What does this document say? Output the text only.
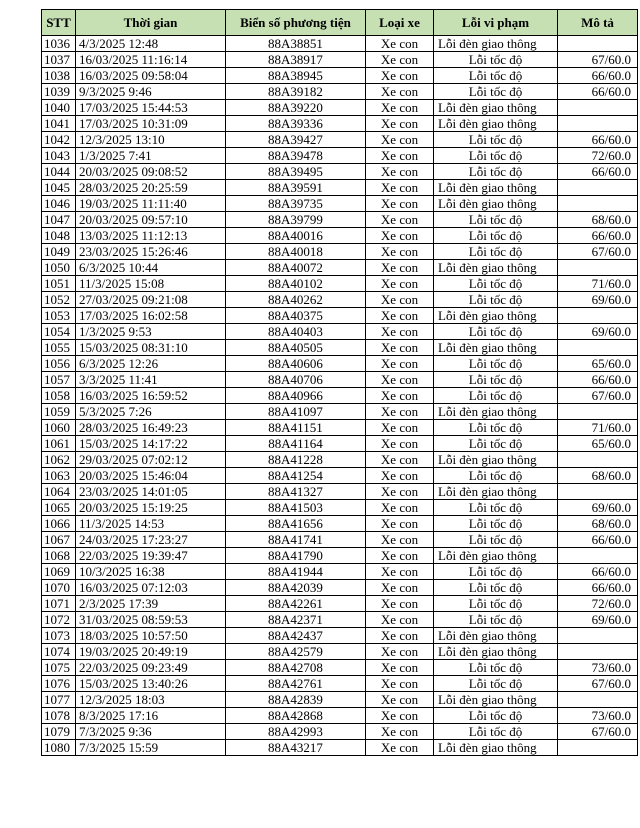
STT	Thời gian	Biển số phương tiện	Loại xe	Lỗi vi phạm	Mô tả
1036	4/3/2025 12:48	88A38851	Xe con	Lỗi đèn giao thông	
1037	16/03/2025 11:16:14	88A38917	Xe con	Lỗi tốc độ	67/60.0
1038	16/03/2025 09:58:04	88A38945	Xe con	Lỗi tốc độ	66/60.0
1039	9/3/2025 9:46	88A39182	Xe con	Lỗi tốc độ	66/60.0
1040	17/03/2025 15:44:53	88A39220	Xe con	Lỗi đèn giao thông	
1041	17/03/2025 10:31:09	88A39336	Xe con	Lỗi đèn giao thông	
1042	12/3/2025 13:10	88A39427	Xe con	Lỗi tốc độ	66/60.0
1043	1/3/2025 7:41	88A39478	Xe con	Lỗi tốc độ	72/60.0
1044	20/03/2025 09:08:52	88A39495	Xe con	Lỗi tốc độ	66/60.0
1045	28/03/2025 20:25:59	88A39591	Xe con	Lỗi đèn giao thông	
1046	19/03/2025 11:11:40	88A39735	Xe con	Lỗi đèn giao thông	
1047	20/03/2025 09:57:10	88A39799	Xe con	Lỗi tốc độ	68/60.0
1048	13/03/2025 11:12:13	88A40016	Xe con	Lỗi tốc độ	66/60.0
1049	23/03/2025 15:26:46	88A40018	Xe con	Lỗi tốc độ	67/60.0
1050	6/3/2025 10:44	88A40072	Xe con	Lỗi đèn giao thông	
1051	11/3/2025 15:08	88A40102	Xe con	Lỗi tốc độ	71/60.0
1052	27/03/2025 09:21:08	88A40262	Xe con	Lỗi tốc độ	69/60.0
1053	17/03/2025 16:02:58	88A40375	Xe con	Lỗi đèn giao thông	
1054	1/3/2025 9:53	88A40403	Xe con	Lỗi tốc độ	69/60.0
1055	15/03/2025 08:31:10	88A40505	Xe con	Lỗi đèn giao thông	
1056	6/3/2025 12:26	88A40606	Xe con	Lỗi tốc độ	65/60.0
1057	3/3/2025 11:41	88A40706	Xe con	Lỗi tốc độ	66/60.0
1058	16/03/2025 16:59:52	88A40966	Xe con	Lỗi tốc độ	67/60.0
1059	5/3/2025 7:26	88A41097	Xe con	Lỗi đèn giao thông	
1060	28/03/2025 16:49:23	88A41151	Xe con	Lỗi tốc độ	71/60.0
1061	15/03/2025 14:17:22	88A41164	Xe con	Lỗi tốc độ	65/60.0
1062	29/03/2025 07:02:12	88A41228	Xe con	Lỗi đèn giao thông	
1063	20/03/2025 15:46:04	88A41254	Xe con	Lỗi tốc độ	68/60.0
1064	23/03/2025 14:01:05	88A41327	Xe con	Lỗi đèn giao thông	
1065	20/03/2025 15:19:25	88A41503	Xe con	Lỗi tốc độ	69/60.0
1066	11/3/2025 14:53	88A41656	Xe con	Lỗi tốc độ	68/60.0
1067	24/03/2025 17:23:27	88A41741	Xe con	Lỗi tốc độ	66/60.0
1068	22/03/2025 19:39:47	88A41790	Xe con	Lỗi đèn giao thông	
1069	10/3/2025 16:38	88A41944	Xe con	Lỗi tốc độ	66/60.0
1070	16/03/2025 07:12:03	88A42039	Xe con	Lỗi tốc độ	66/60.0
1071	2/3/2025 17:39	88A42261	Xe con	Lỗi tốc độ	72/60.0
1072	31/03/2025 08:59:53	88A42371	Xe con	Lỗi tốc độ	69/60.0
1073	18/03/2025 10:57:50	88A42437	Xe con	Lỗi đèn giao thông	
1074	19/03/2025 20:49:19	88A42579	Xe con	Lỗi đèn giao thông	
1075	22/03/2025 09:23:49	88A42708	Xe con	Lỗi tốc độ	73/60.0
1076	15/03/2025 13:40:26	88A42761	Xe con	Lỗi tốc độ	67/60.0
1077	12/3/2025 18:03	88A42839	Xe con	Lỗi đèn giao thông	
1078	8/3/2025 17:16	88A42868	Xe con	Lỗi tốc độ	73/60.0
1079	7/3/2025 9:36	88A42993	Xe con	Lỗi tốc độ	67/60.0
1080	7/3/2025 15:59	88A43217	Xe con	Lỗi đèn giao thông	
